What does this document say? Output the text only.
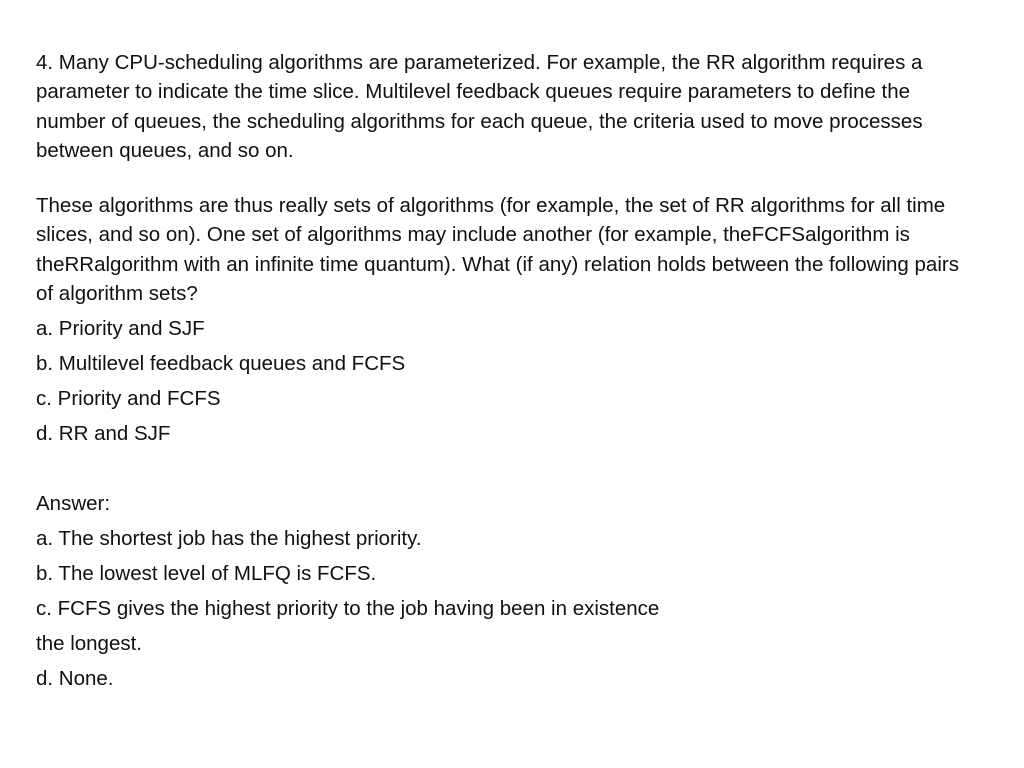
4. Many CPU-scheduling algorithms are parameterized. For example, the RR algorithm requires a parameter to indicate the time slice. Multilevel feedback queues require parameters to deﬁne the number of queues, the scheduling algorithms for each queue, the criteria used to move processes between queues, and so on.

These algorithms are thus really sets of algorithms (for example, the set of RR algorithms for all time slices, and so on). One set of algorithms may include another (for example, theFCFSalgorithm is theRRalgorithm with an inﬁnite time quantum). What (if any) relation holds between the following pairs of algorithm sets?

a. Priority and SJF

b. Multilevel feedback queues and FCFS

c. Priority and FCFS

d. RR and SJF

Answer:

a. The shortest job has the highest priority.

b. The lowest level of MLFQ is FCFS.

c. FCFS gives the highest priority to the job having been in existence

the longest.

d. None.
